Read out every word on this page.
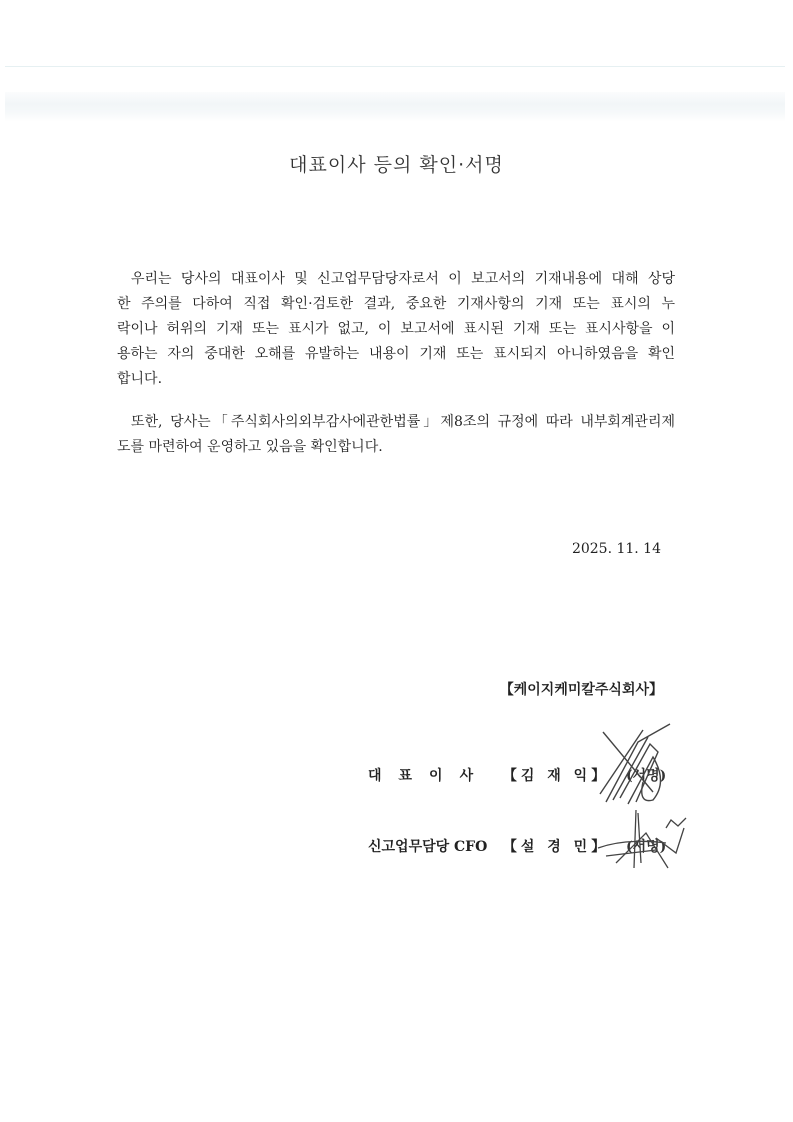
대표이사 등의 확인·서명
우리는 당사의 대표이사 및 신고업무담당자로서 이 보고서의 기재내용에 대해 상당
한 주의를 다하여 직접 확인·검토한 결과, 중요한 기재사항의 기재 또는 표시의 누
락이나 허위의 기재 또는 표시가 없고, 이 보고서에 표시된 기재 또는 표시사항을 이
용하는 자의 중대한 오해를 유발하는 내용이 기재 또는 표시되지 아니하였음을 확인
합니다.
또한, 당사는「주식회사의외부감사에관한법률」제8조의 규정에 따라 내부회계관리제
도를 마련하여 운영하고 있음을 확인합니다.
2025. 11. 14
【케이지케미칼주식회사】
대표이사 【김 재 익】 (서명)
신고업무담당 CFO 【설 경 민】 (서명)
